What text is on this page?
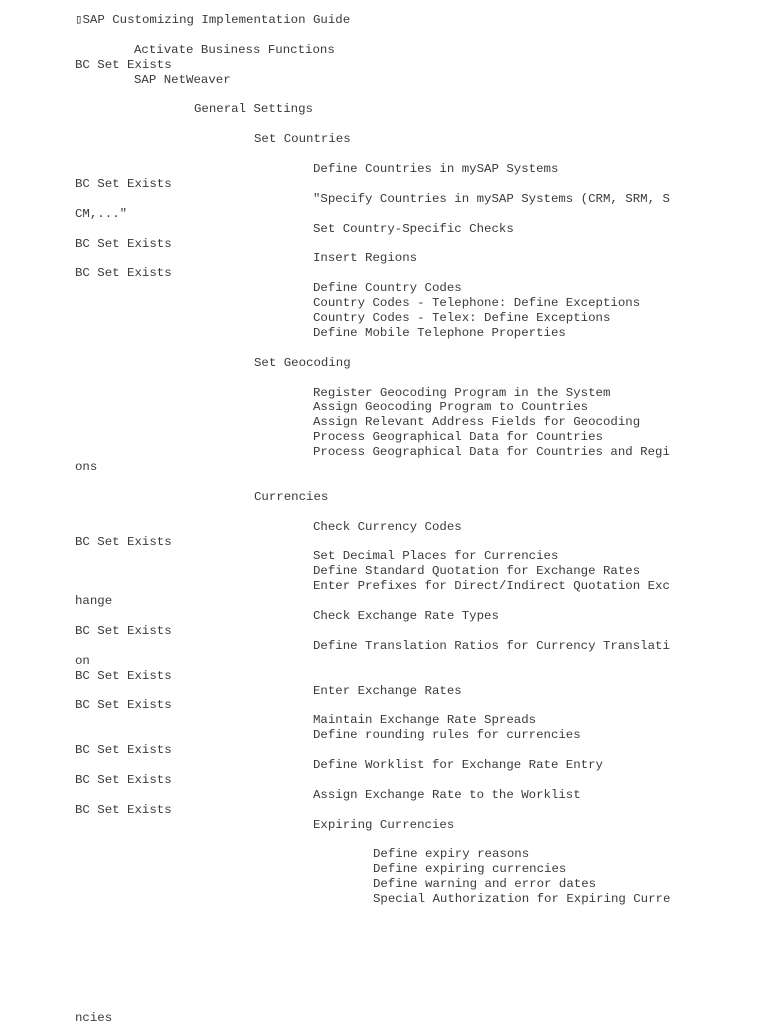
▯SAP Customizing Implementation Guide
Activate Business Functions
BC Set Exists
SAP NetWeaver
General Settings
Set Countries
Define Countries in mySAP Systems
BC Set Exists
"Specify Countries in mySAP Systems (CRM, SRM, S
CM,..."
Set Country-Specific Checks
BC Set Exists
Insert Regions
BC Set Exists
Define Country Codes
Country Codes - Telephone: Define Exceptions
Country Codes - Telex: Define Exceptions
Define Mobile Telephone Properties
Set Geocoding
Register Geocoding Program in the System
Assign Geocoding Program to Countries
Assign Relevant Address Fields for Geocoding
Process Geographical Data for Countries
Process Geographical Data for Countries and Regi
ons
Currencies
Check Currency Codes
BC Set Exists
Set Decimal Places for Currencies
Define Standard Quotation for Exchange Rates
Enter Prefixes for Direct/Indirect Quotation Exc
hange
Check Exchange Rate Types
BC Set Exists
Define Translation Ratios for Currency Translati
on
BC Set Exists
Enter Exchange Rates
BC Set Exists
Maintain Exchange Rate Spreads
Define rounding rules for currencies
BC Set Exists
Define Worklist for Exchange Rate Entry
BC Set Exists
Assign Exchange Rate to the Worklist
BC Set Exists
Expiring Currencies
Define expiry reasons
Define expiring currencies
Define warning and error dates
Special Authorization for Expiring Curre
ncies
